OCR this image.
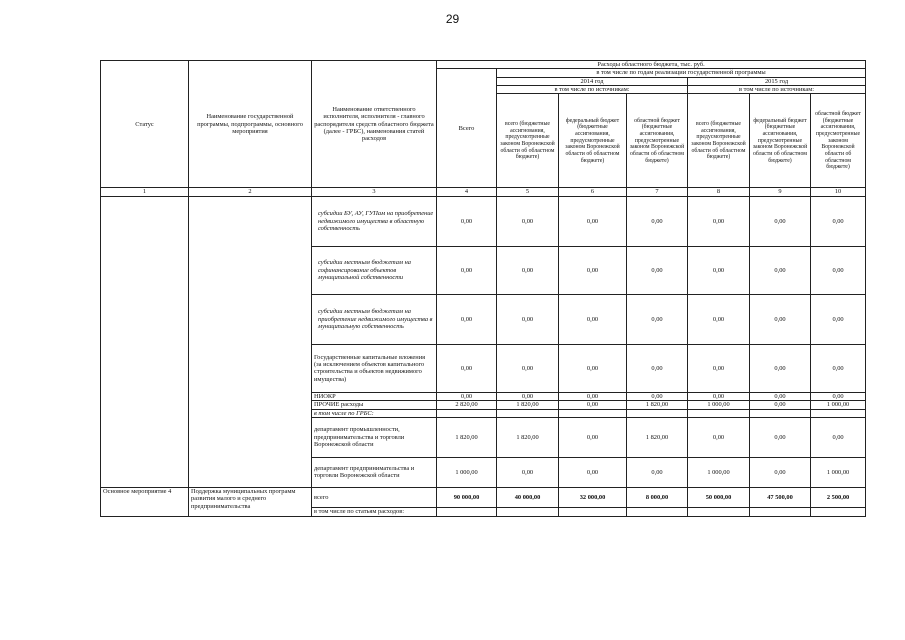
29
Статус	Наименование государственной программы, подпрограммы, основного мероприятия	Наименование ответственного исполнителя, исполнителя - главного распорядителя средств областного бюджета (далее - ГРБС), наименования статей расходов	Расходы областного бюджета, тыс. руб.						
			Всего	в том числе по годам реализации государственной программы					
				2014 год			2015 год		
				в том числе по источникам:			в том числе по источникам:		
				всего (бюджетные ассигнования, предусмотренные законом Воронежской области об областном бюджете)	федеральный бюджет (бюджетные ассигнования, предусмотренные законом Воронежской области об областном бюджете)	областной бюджет (бюджетные ассигнования, предусмотренные законом Воронежской области об областном бюджете)	всего (бюджетные ассигнования, предусмотренные законом Воронежской области об областном бюджете)	федеральный бюджет (бюджетные ассигнования, предусмотренные законом Воронежской области об областном бюджете)	областной бюджет (бюджетные ассигнования, предусмотренные законом Воронежской области об областном бюджете)
1	2	3	4	5	6	7	8	9	10
		субсидии БУ, АУ, ГУПам на приобретение недвижимого имущества в областную собственность	0,00	0,00	0,00	0,00	0,00	0,00	0,00
		субсидии местным бюджетам на софинансирование объектов муниципальной собственности	0,00	0,00	0,00	0,00	0,00	0,00	0,00
		субсидии местным бюджетам на приобретение недвижимого имущества в муниципальную собственность	0,00	0,00	0,00	0,00	0,00	0,00	0,00
		Государственные капитальные вложения (за исключением объектов капитального строительства и объектов недвижимого имущества)	0,00	0,00	0,00	0,00	0,00	0,00	0,00
		НИОКР	0,00	0,00	0,00	0,00	0,00	0,00	0,00
		ПРОЧИЕ расходы	2 820,00	1 820,00	0,00	1 820,00	1 000,00	0,00	1 000,00
		в том числе по ГРБС:							
		департамент промышленности, предпринимательства и торговли Воронежской области	1 820,00	1 820,00	0,00	1 820,00	0,00	0,00	0,00
		департамент предпринимательства и торговли Воронежской области	1 000,00	0,00	0,00	0,00	1 000,00	0,00	1 000,00
Основное мероприятие 4	Поддержка муниципальных программ развития малого и среднего предпринимательства	всего	90 000,00	40 000,00	32 000,00	8 000,00	50 000,00	47 500,00	2 500,00
		в том числе по статьям расходов:							
